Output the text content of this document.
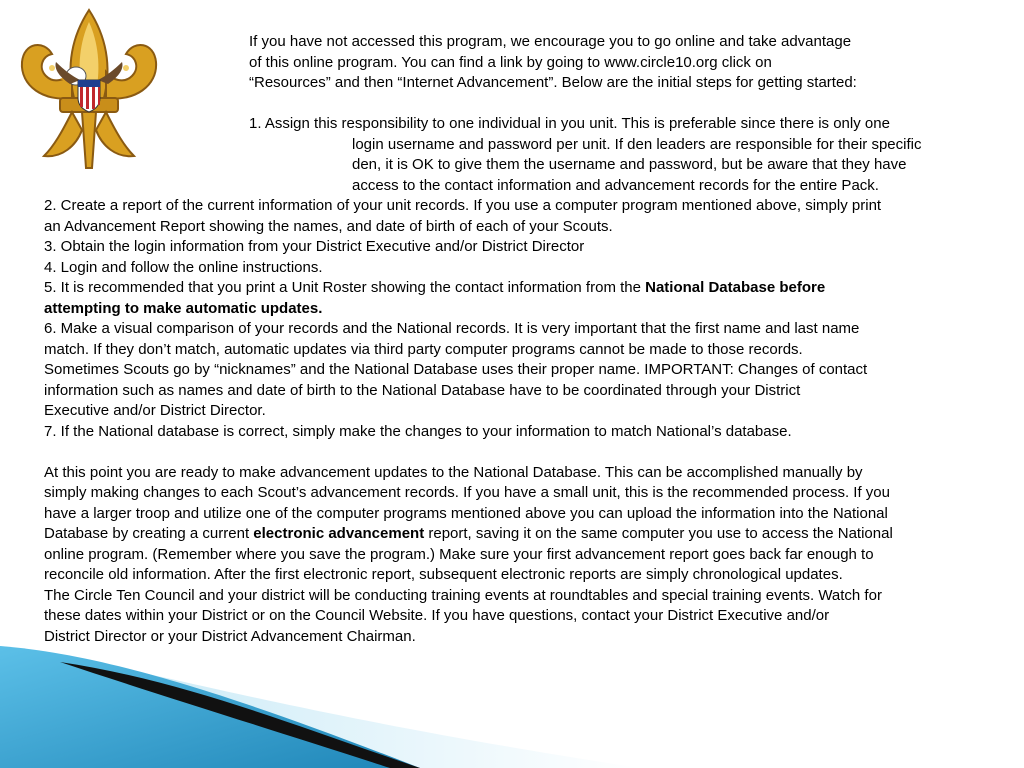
If you have not accessed this program, we encourage you to go online and take advantage
of this online program. You can find a link by going to www.circle10.org click on
“Resources” and then “Internet Advancement”. Below are the initial steps for getting started:
1. Assign this responsibility to one individual in you unit. This is preferable since there is only one
login username and password per unit. If den leaders are responsible for their specific
den, it is OK to give them the username and password, but be aware that they have
access to the contact information and advancement records for the entire Pack.

2. Create a report of the current information of your unit records. If you use a computer program mentioned above, simply print
an Advancement Report showing the names, and date of birth of each of your Scouts.

3. Obtain the login information from your District Executive and/or District Director

4. Login and follow the online instructions.

5. It is recommended that you print a Unit Roster showing the contact information from the National Database before
attempting to make automatic updates.

6. Make a visual comparison of your records and the National records. It is very important that the first name and last name
match. If they don’t match, automatic updates via third party computer programs cannot be made to those records.
Sometimes Scouts go by “nicknames” and the National Database uses their proper name. IMPORTANT: Changes of contact
information such as names and date of birth to the National Database have to be coordinated through your District
Executive and/or District Director.

7. If the National database is correct, simply make the changes to your information to match National’s database.

At this point you are ready to make advancement updates to the National Database. This can be accomplished manually by
simply making changes to each Scout’s advancement records. If you have a small unit, this is the recommended process. If you
have a larger troop and utilize one of the computer programs mentioned above you can upload the information into the National
Database by creating a current electronic advancement report, saving it on the same computer you use to access the National
online program. (Remember where you save the program.) Make sure your first advancement report goes back far enough to
reconcile old information. After the first electronic report, subsequent electronic reports are simply chronological updates.

The Circle Ten Council and your district will be conducting training events at roundtables and special training events. Watch for
these dates within your District or on the Council Website. If you have questions, contact your District Executive and/or
District Director or your District Advancement Chairman.
